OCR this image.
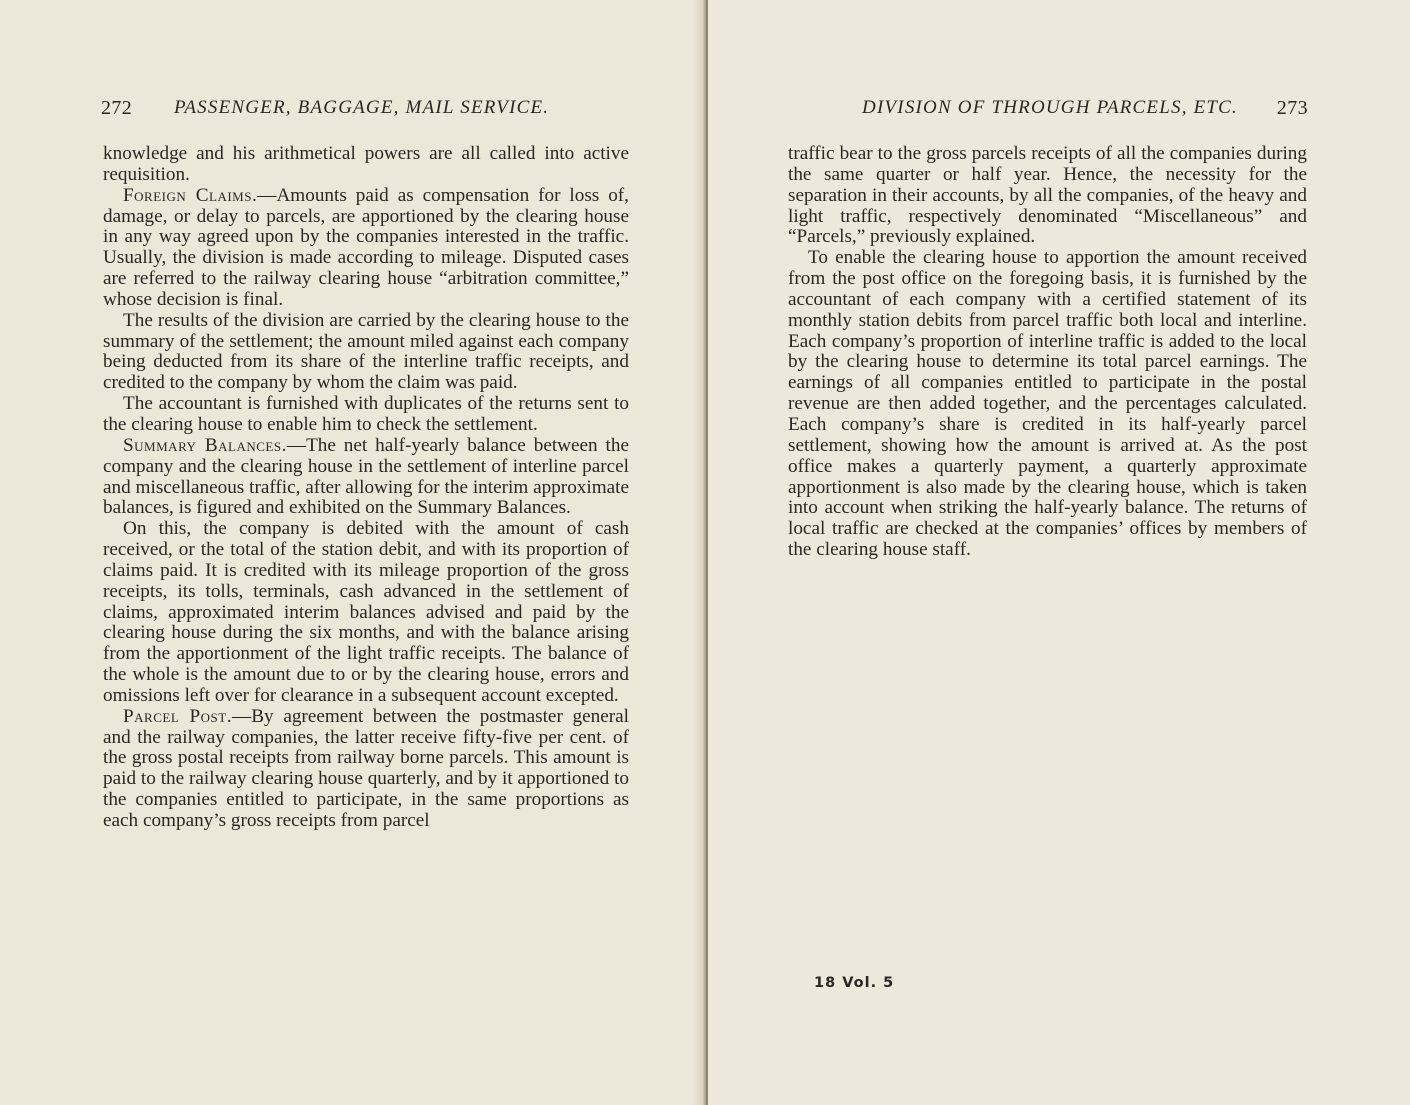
272 PASSENGER, BAGGAGE, MAIL SERVICE.

knowledge and his arithmetical powers are all called into active requisition.

Foreign Claims.—Amounts paid as compensation for loss of, damage, or delay to parcels, are apportioned by the clearing house in any way agreed upon by the companies interested in the traffic. Usually, the division is made according to mileage. Disputed cases are referred to the railway clearing house “arbitration committee,” whose decision is final.

The results of the division are carried by the clearing house to the summary of the settlement; the amount miled against each company being deducted from its share of the interline traffic receipts, and credited to the company by whom the claim was paid.

The accountant is furnished with duplicates of the returns sent to the clearing house to enable him to check the settlement.

Summary Balances.—The net half-yearly balance between the company and the clearing house in the settlement of interline parcel and miscellaneous traffic, after allowing for the interim approximate balances, is figured and exhibited on the Summary Balances.

On this, the company is debited with the amount of cash received, or the total of the station debit, and with its proportion of claims paid. It is credited with its mileage proportion of the gross receipts, its tolls, terminals, cash advanced in the settlement of claims, approximated interim balances advised and paid by the clearing house during the six months, and with the balance arising from the apportionment of the light traffic receipts. The balance of the whole is the amount due to or by the clearing house, errors and omissions left over for clearance in a subsequent account excepted.

Parcel Post.—By agreement between the postmaster general and the railway companies, the latter receive fifty-five per cent. of the gross postal receipts from railway borne parcels. This amount is paid to the railway clearing house quarterly, and by it apportioned to the companies entitled to participate, in the same proportions as each company’s gross receipts from parcel

DIVISION OF THROUGH PARCELS, ETC. 273

traffic bear to the gross parcels receipts of all the companies during the same quarter or half year. Hence, the necessity for the separation in their accounts, by all the companies, of the heavy and light traffic, respectively denominated “Miscellaneous” and “Parcels,” previously explained.

To enable the clearing house to apportion the amount received from the post office on the foregoing basis, it is furnished by the accountant of each company with a certified statement of its monthly station debits from parcel traffic both local and interline. Each company’s proportion of interline traffic is added to the local by the clearing house to determine its total parcel earnings. The earnings of all companies entitled to participate in the postal revenue are then added together, and the percentages calculated. Each company’s share is credited in its half-yearly parcel settlement, showing how the amount is arrived at. As the post office makes a quarterly payment, a quarterly approximate apportionment is also made by the clearing house, which is taken into account when striking the half-yearly balance. The returns of local traffic are checked at the companies’ offices by members of the clearing house staff.

18 Vol. 5
